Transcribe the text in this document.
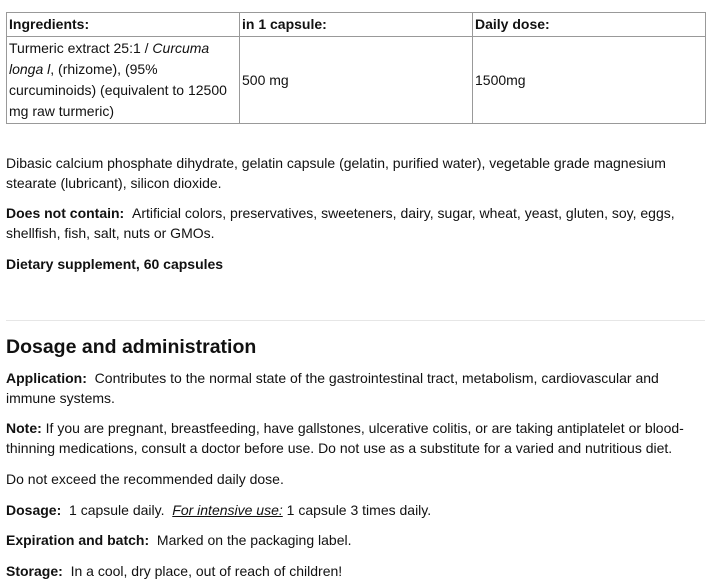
Ingredients:	in 1 capsule:	Daily dose:
Turmeric extract 25:1 / Curcuma longa l, (rhizome), (95% curcuminoids) (equivalent to 12500 mg raw turmeric)	500 mg	1500mg

Dibasic calcium phosphate dihydrate, gelatin capsule (gelatin, purified water), vegetable grade magnesium stearate (lubricant), silicon dioxide.

Does not contain: Artificial colors, preservatives, sweeteners, dairy, sugar, wheat, yeast, gluten, soy, eggs, shellfish, fish, salt, nuts or GMOs.

Dietary supplement, 60 capsules

Dosage and administration

Application: Contributes to the normal state of the gastrointestinal tract, metabolism, cardiovascular and immune systems.

Note: If you are pregnant, breastfeeding, have gallstones, ulcerative colitis, or are taking antiplatelet or blood-thinning medications, consult a doctor before use. Do not use as a substitute for a varied and nutritious diet.

Do not exceed the recommended daily dose.

Dosage: 1 capsule daily. For intensive use: 1 capsule 3 times daily.

Expiration and batch: Marked on the packaging label.

Storage: In a cool, dry place, out of reach of children!
